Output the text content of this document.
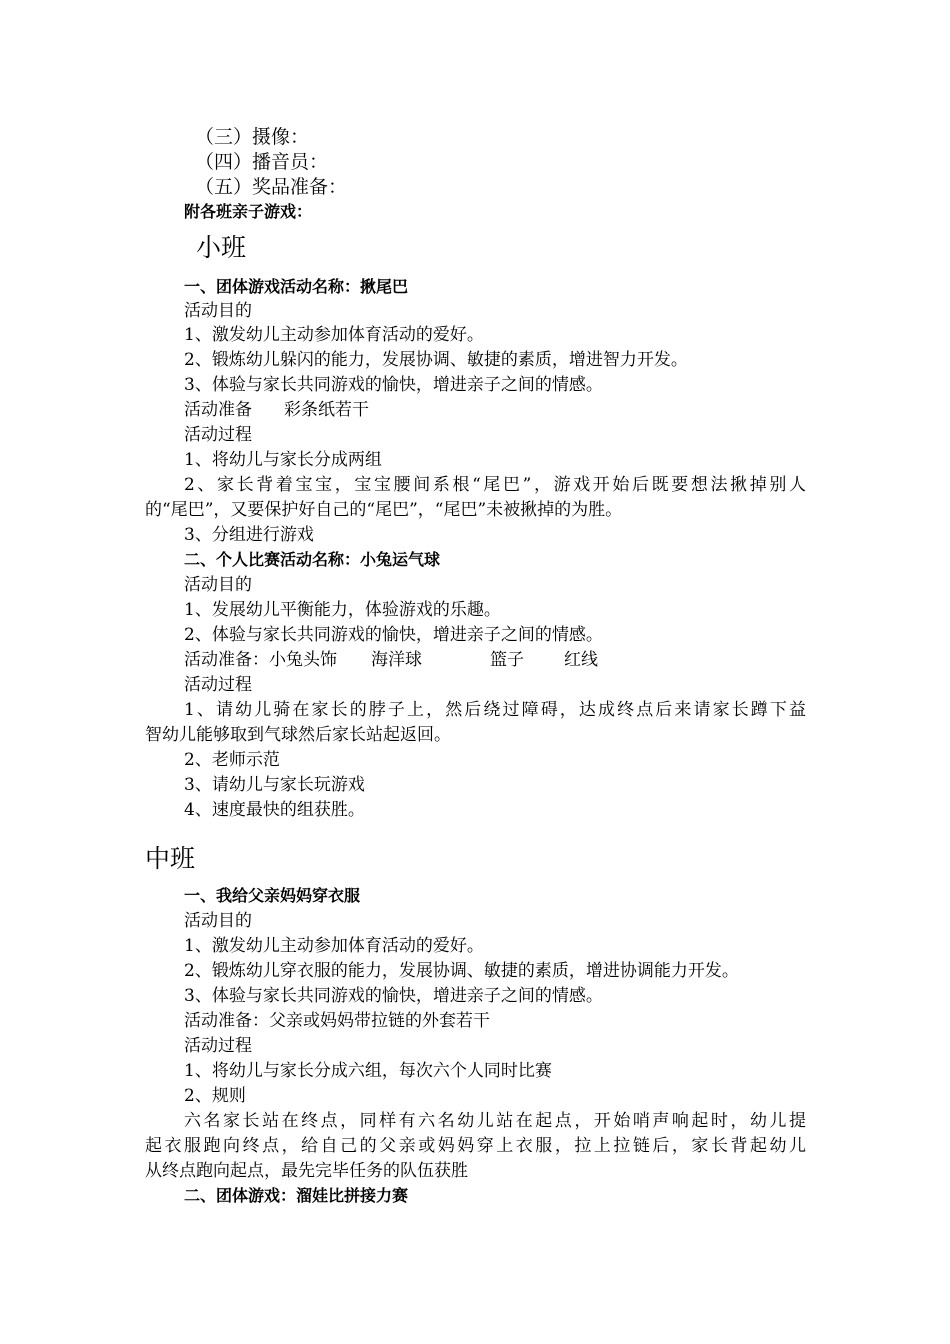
（三）摄像：
（四）播音员：
（五）奖品准备：
附各班亲子游戏：
小班
一、团体游戏活动名称：揪尾巴
活动目的
1、激发幼儿主动参加体育活动的爱好。
2、锻炼幼儿躲闪的能力，发展协调、敏捷的素质，增进智力开发。
3、体验与家长共同游戏的愉快，增进亲子之间的情感。
活动准备 彩条纸若干
活动过程
1、将幼儿与家长分成两组
2、家长背着宝宝，宝宝腰间系根“尾巴”，游戏开始后既要想法揪掉别人
的“尾巴”，又要保护好自己的“尾巴”，“尾巴”未被揪掉的为胜。
3、分组进行游戏
二、个人比赛活动名称：小兔运气球
活动目的
1、发展幼儿平衡能力，体验游戏的乐趣。
2、体验与家长共同游戏的愉快，增进亲子之间的情感。
活动准备：小兔头饰 海洋球	篮子 红线
活动过程
1、请幼儿骑在家长的脖子上，然后绕过障碍，达成终点后来请家长蹲下益
智幼儿能够取到气球然后家长站起返回。
2、老师示范
3、请幼儿与家长玩游戏
4、速度最快的组获胜。
中班
一、我给父亲妈妈穿衣服
活动目的
1、激发幼儿主动参加体育活动的爱好。
2、锻炼幼儿穿衣服的能力，发展协调、敏捷的素质，增进协调能力开发。
3、体验与家长共同游戏的愉快，增进亲子之间的情感。
活动准备：父亲或妈妈带拉链的外套若干
活动过程
1、将幼儿与家长分成六组，每次六个人同时比赛
2、规则
六名家长站在终点，同样有六名幼儿站在起点，开始哨声响起时，幼儿提
起衣服跑向终点，给自己的父亲或妈妈穿上衣服，拉上拉链后，家长背起幼儿
从终点跑向起点，最先完毕任务的队伍获胜
二、团体游戏：溜娃比拼接力赛
